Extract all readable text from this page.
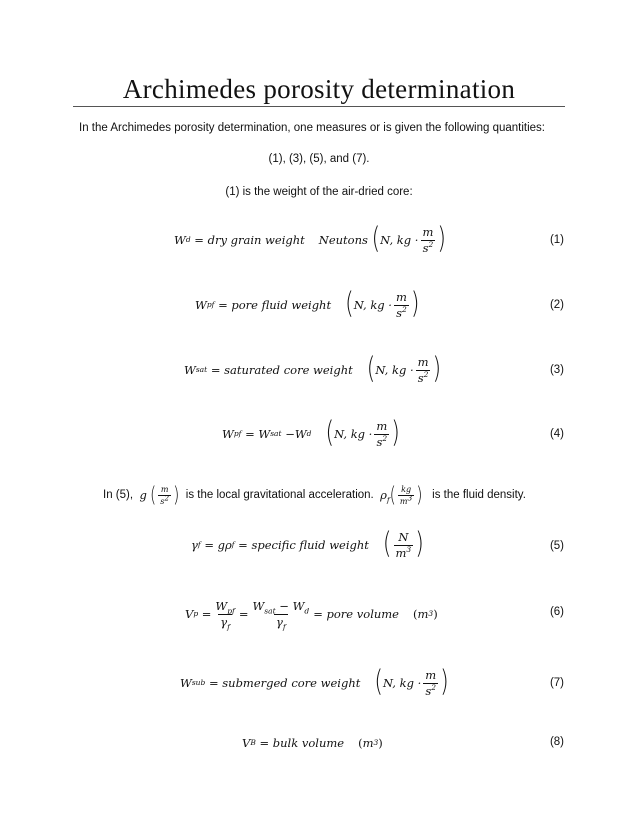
Archimedes porosity determination
In the Archimedes porosity determination, one measures or is given the following quantities:
(1), (3), (5), and (7).
(1) is the weight of the air-dried core:
W d
= dry grain weight Neutons
( N, kg · $\frac{m}{s^2}$ )	(1)
W pf
= pore fluid weight ( N, kg · $\frac{m}{s^2}$ )	(2)
W sat
= saturated core weight ( N, kg · $\frac{m}{s^2}$ )	(3)
W pf
= W sat
−W d ( N, kg · $\frac{m}{s^2}$ )	(4)
In (5),
g
( $\frac{m}{s^2}$ )
is the local gravitational acceleration.
$\rho_f$ ( $\frac{kg}{m^3}$ )
is the fluid density.
γ f
= gρ f
= specific fluid weight ( $\frac{N}{m^3}$ )	(5)
V p
= $\frac{W_{pf}}{\gamma_f} = \frac{W_{sat} - W_d}{\gamma_f}$ = pore volume ( m 3 )	(6)
W sub
= submerged core weight ( N, kg · $\frac{m}{s^2}$ )	(7)
V B
= bulk volume ( m 3 )	(8)
